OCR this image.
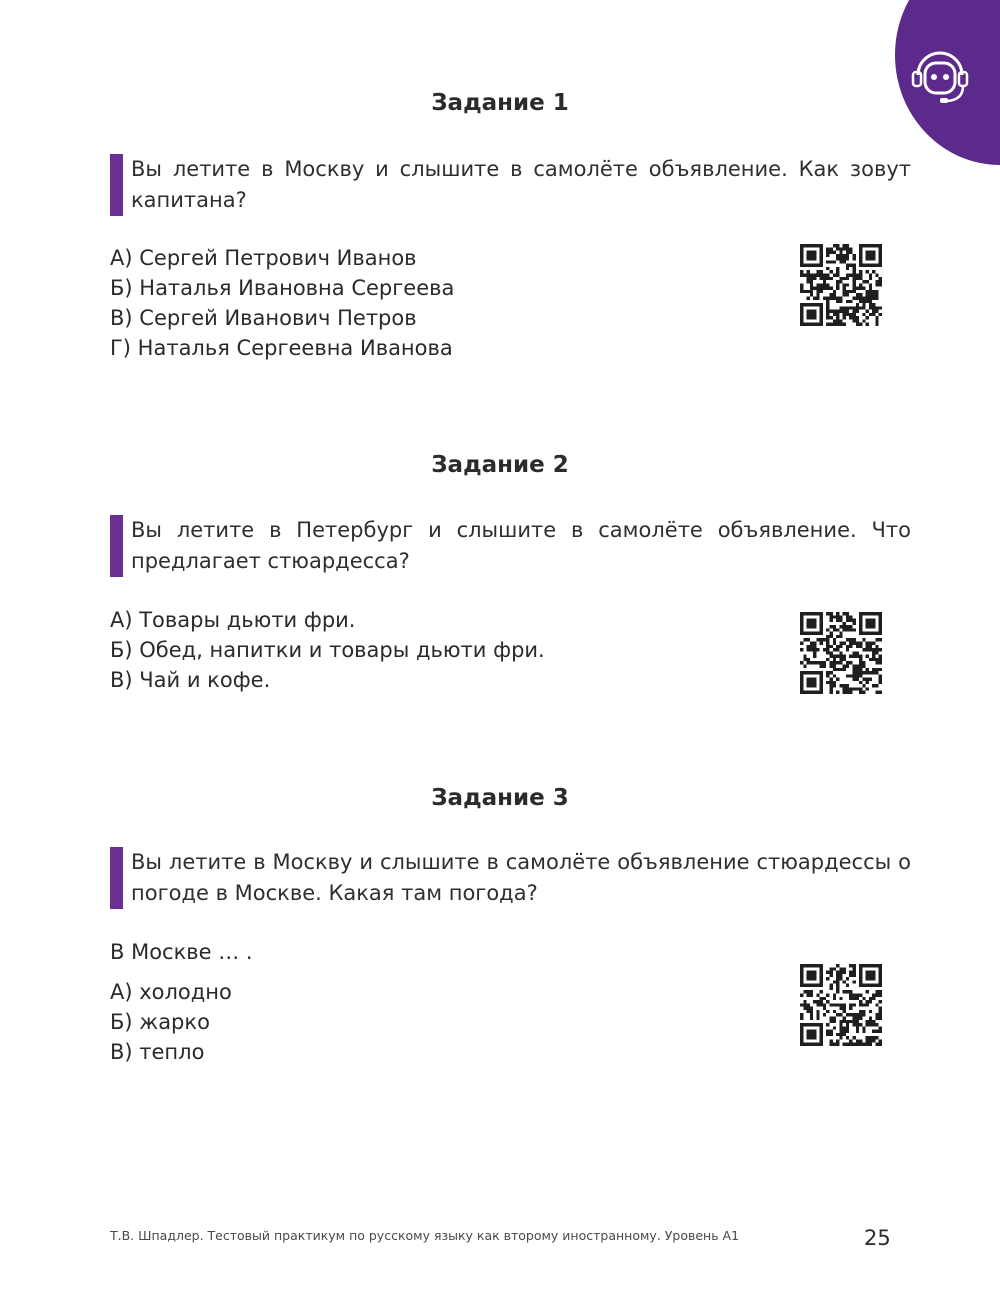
Задание 1
Вы летите в Москву и слышите в самолёте объявление. Как зовут капитана?
А) Сергей Петрович Иванов
Б) Наталья Ивановна Сергеева
В) Сергей Иванович Петров
Г) Наталья Сергеевна Иванова
Задание 2
Вы летите в Петербург и слышите в самолёте объявление. Что предлагает стюардесса?
А) Товары дьюти фри.
Б) Обед, напитки и товары дьюти фри.
В) Чай и кофе.
Задание 3
Вы летите в Москву и слышите в самолёте объявление стюардессы о погоде в Москве. Какая там погода?
В Москве … .
А) холодно
Б) жарко
В) тепло
Т.В. Шпадлер. Тестовый практикум по русскому языку как второму иностранному. Уровень А1	25
